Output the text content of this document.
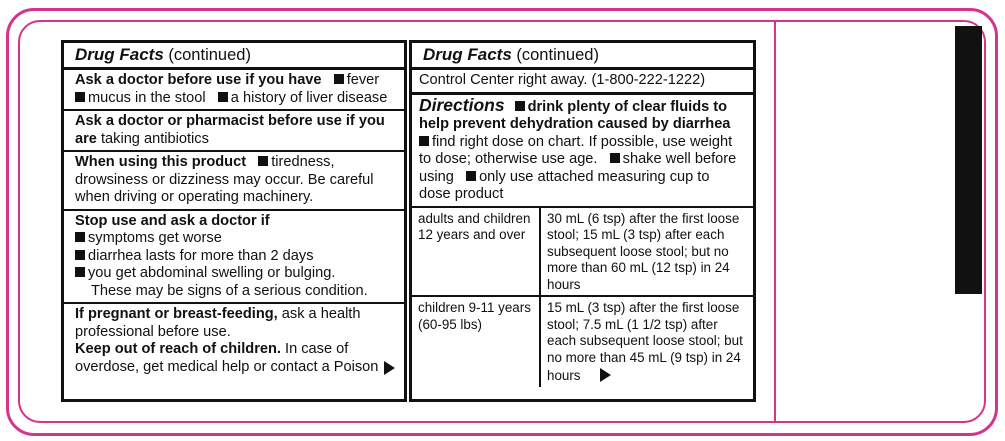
Drug Facts (continued)
Ask a doctor before use if you have fever
mucus in the stool a history of liver disease
Ask a doctor or pharmacist before use if you are taking antibiotics
When using this product tiredness, drowsiness or dizziness may occur. Be careful when driving or operating machinery.
Stop use and ask a doctor if
symptoms get worse
diarrhea lasts for more than 2 days
you get abdominal swelling or bulging.

These may be signs of a serious condition.
If pregnant or breast-feeding, ask a health professional before use.
Keep out of reach of children. In case of overdose, get medical help or contact a Poison
Drug Facts (continued)
Control Center right away. (1-800-222-1222)
Directions drink plenty of clear fluids to help prevent dehydration caused by diarrhea
find right dose on chart. If possible, use weight to dose; otherwise use age. shake well before using only use attached measuring cup to dose product
adults and children 12 years and over	30 mL (6 tsp) after the first loose stool; 15 mL (3 tsp) after each subsequent loose stool; but no more than 60 mL (12 tsp) in 24 hours
children 9-11 years (60-95 lbs)	15 mL (3 tsp) after the first loose stool; 7.5 mL (1 1/2 tsp) after each subsequent loose stool; but no more than 45 mL (9 tsp) in 24 hours
